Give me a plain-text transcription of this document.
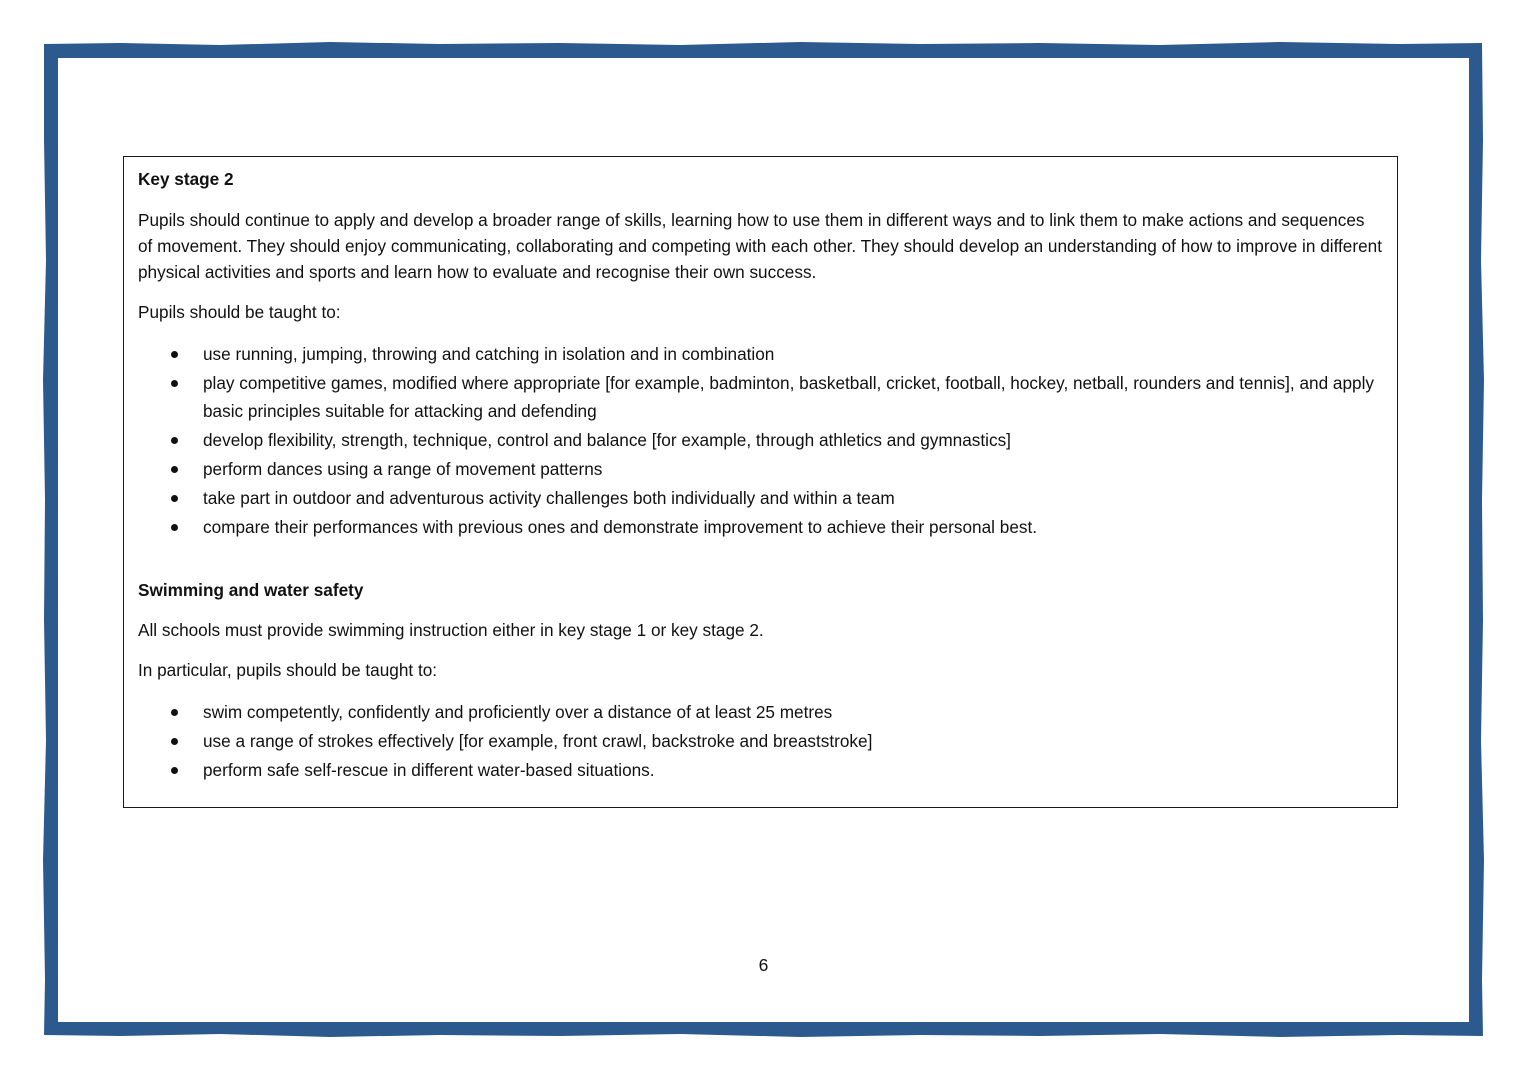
Key stage 2

Pupils should continue to apply and develop a broader range of skills, learning how to use them in different ways and to link them to make actions and sequences of movement. They should enjoy communicating, collaborating and competing with each other. They should develop an understanding of how to improve in different physical activities and sports and learn how to evaluate and recognise their own success.

Pupils should be taught to:

use running, jumping, throwing and catching in isolation and in combination
play competitive games, modified where appropriate [for example, badminton, basketball, cricket, football, hockey, netball, rounders and tennis], and apply basic principles suitable for attacking and defending
develop flexibility, strength, technique, control and balance [for example, through athletics and gymnastics]
perform dances using a range of movement patterns
take part in outdoor and adventurous activity challenges both individually and within a team
compare their performances with previous ones and demonstrate improvement to achieve their personal best.

Swimming and water safety

All schools must provide swimming instruction either in key stage 1 or key stage 2.

In particular, pupils should be taught to:

swim competently, confidently and proficiently over a distance of at least 25 metres
use a range of strokes effectively [for example, front crawl, backstroke and breaststroke]
perform safe self-rescue in different water-based situations.
6
